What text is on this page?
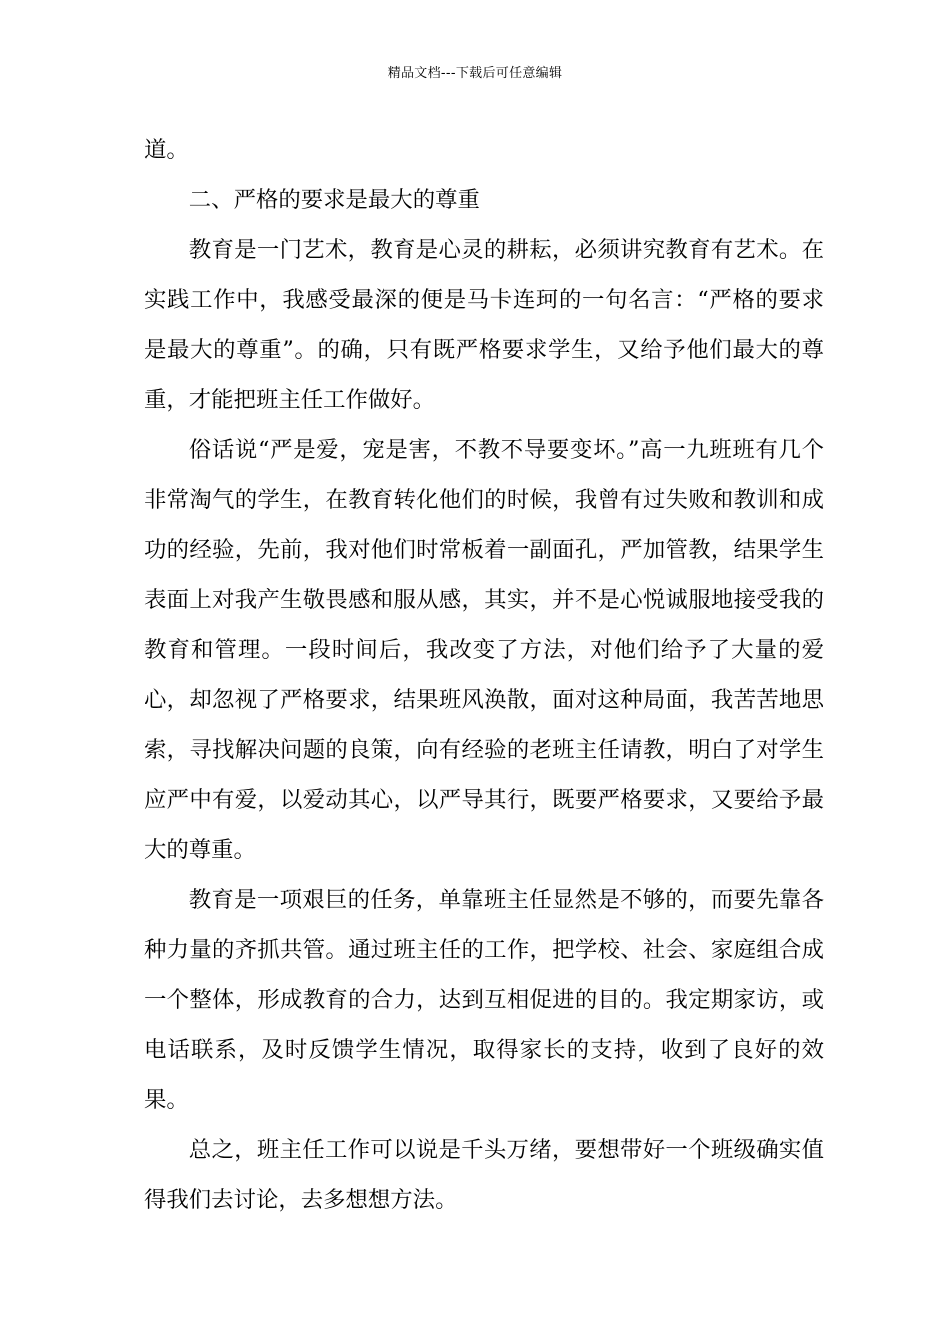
精品文档---下载后可任意编辑

道。

二、严格的要求是最大的尊重

教育是一门艺术，教育是心灵的耕耘，必须讲究教育有艺术。在实践工作中，我感受最深的便是马卡连珂的一句名言：“严格的要求是最大的尊重”。的确，只有既严格要求学生，又给予他们最大的尊重，才能把班主任工作做好。

俗话说“严是爱，宠是害，不教不导要变坏。”高一九班班有几个非常淘气的学生，在教育转化他们的时候，我曾有过失败和教训和成功的经验，先前，我对他们时常板着一副面孔，严加管教，结果学生表面上对我产生敬畏感和服从感，其实，并不是心悦诚服地接受我的教育和管理。一段时间后，我改变了方法，对他们给予了大量的爱心，却忽视了严格要求，结果班风涣散，面对这种局面，我苦苦地思索，寻找解决问题的良策，向有经验的老班主任请教，明白了对学生应严中有爱，以爱动其心，以严导其行，既要严格要求，又要给予最大的尊重。

教育是一项艰巨的任务，单靠班主任显然是不够的，而要先靠各种力量的齐抓共管。通过班主任的工作，把学校、社会、家庭组合成一个整体，形成教育的合力，达到互相促进的目的。我定期家访，或电话联系，及时反馈学生情况，取得家长的支持，收到了良好的效果。

总之，班主任工作可以说是千头万绪，要想带好一个班级确实值得我们去讨论，去多想想方法。
